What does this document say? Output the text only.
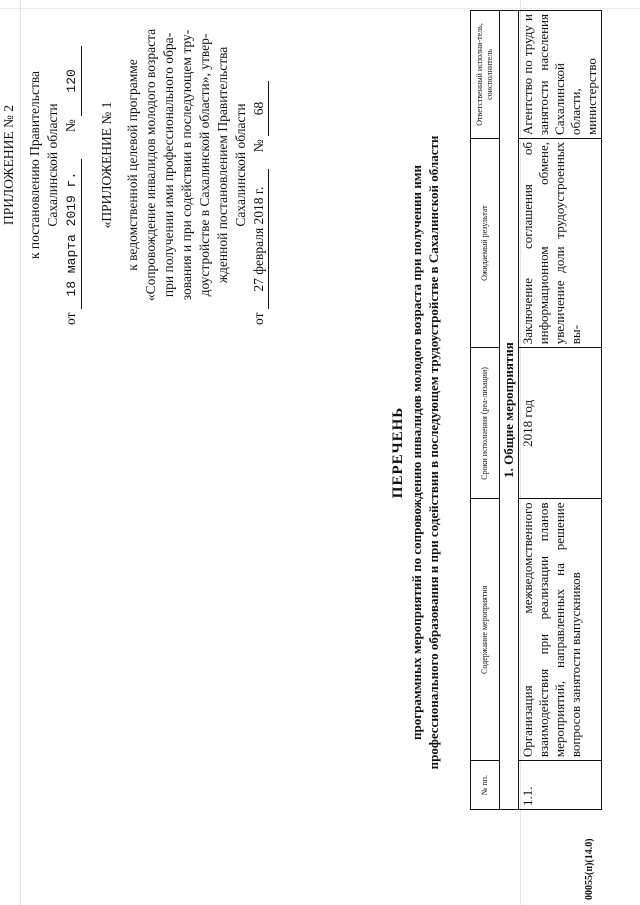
ПРИЛОЖЕНИЕ № 2 к постановлению Правительства Сахалинской области
от 18 марта 2019 г.        № 120
«ПРИЛОЖЕНИЕ № 1 к ведомственной целевой программе «Сопровождение инвалидов молодого возраста при получении ими профессионального обра- зования и при содействии в последующем тру- доустройстве в Сахалинской области», утвер- жденной постановлением Правительства Сахалинской области
от 27 февраля 2018 г.     № 68
ПЕРЕЧЕНЬ программных мероприятий по сопровождению инвалидов молодого возраста при получении ими профессионального образования и при содействии в последующем трудоустройстве в Сахалинской области
№ пп.	Содержание мероприятия	Сроки исполнения (реа-лизации)	Ожидаемый результат	Ответственный исполни-тель, соисполнитель
1. Общие мероприятия				
1.1.	Организация межведомственного взаимодействия при реализации планов мероприятий, направленных на решение вопросов занятости выпускников	2018 год	Заключение соглашения об информационном обмене, увеличение доли трудоустроенных вы-	Агентство по труду и занятости населения Сахалинской области, министерство
00055(п)(14.0)
